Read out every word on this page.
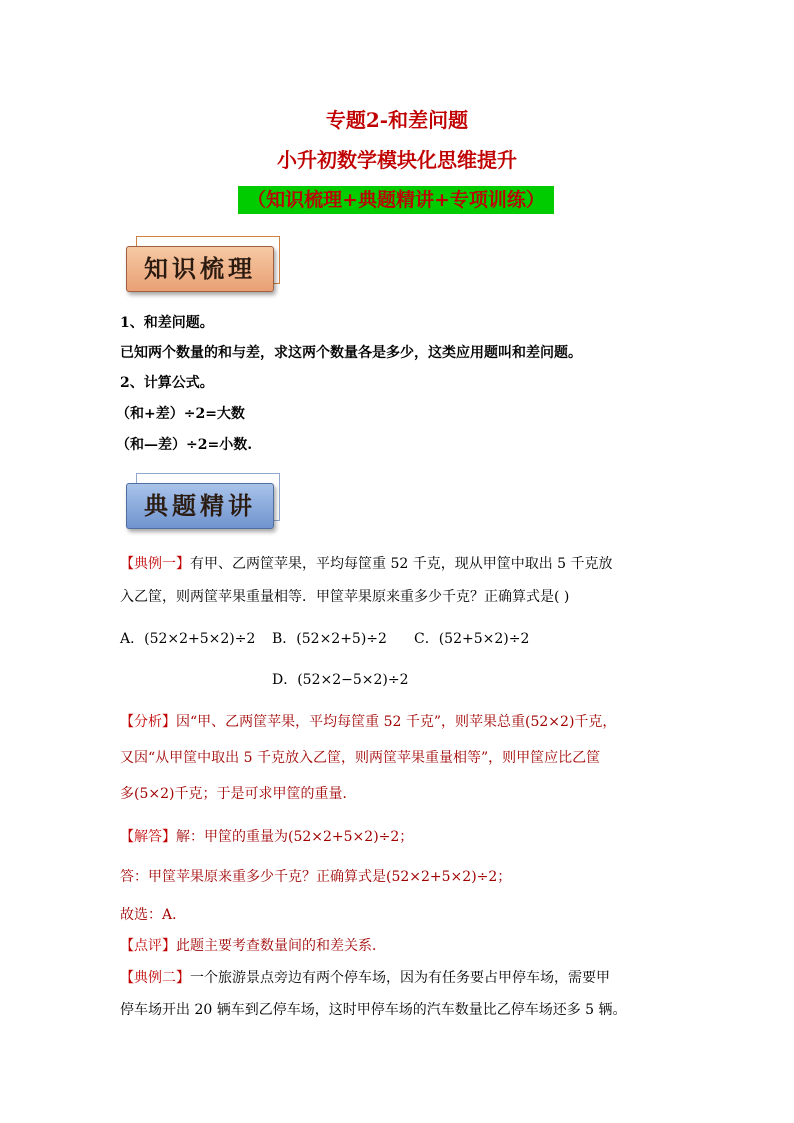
专题2-和差问题
小升初数学模块化思维提升
（知识梳理+典题精讲+专项训练）
知识梳理
1、和差问题。
已知两个数量的和与差，求这两个数量各是多少，这类应用题叫和差问题。
2、计算公式。
（和+差）÷2=大数
（和—差）÷2=小数.
典题精讲
【典例一】有甲、乙两筐苹果，平均每筐重 52 千克，现从甲筐中取出 5 千克放
入乙筐，则两筐苹果重量相等．甲筐苹果原来重多少千克？正确算式是( )
A．(52×2+5×2)÷2 B．(52×2+5)÷2 C．(52+5×2)÷2
D．(52×2−5×2)÷2
【分析】因“甲、乙两筐苹果，平均每筐重 52 千克”，则苹果总重(52×2)千克，
又因“从甲筐中取出 5 千克放入乙筐，则两筐苹果重量相等”，则甲筐应比乙筐
多(5×2)千克；于是可求甲筐的重量．
【解答】解：甲筐的重量为(52×2+5×2)÷2；
答：甲筐苹果原来重多少千克？正确算式是(52×2+5×2)÷2；
故选：A．
【点评】此题主要考查数量间的和差关系．
【典例二】一个旅游景点旁边有两个停车场，因为有任务要占甲停车场，需要甲
停车场开出 20 辆车到乙停车场，这时甲停车场的汽车数量比乙停车场还多 5 辆。
